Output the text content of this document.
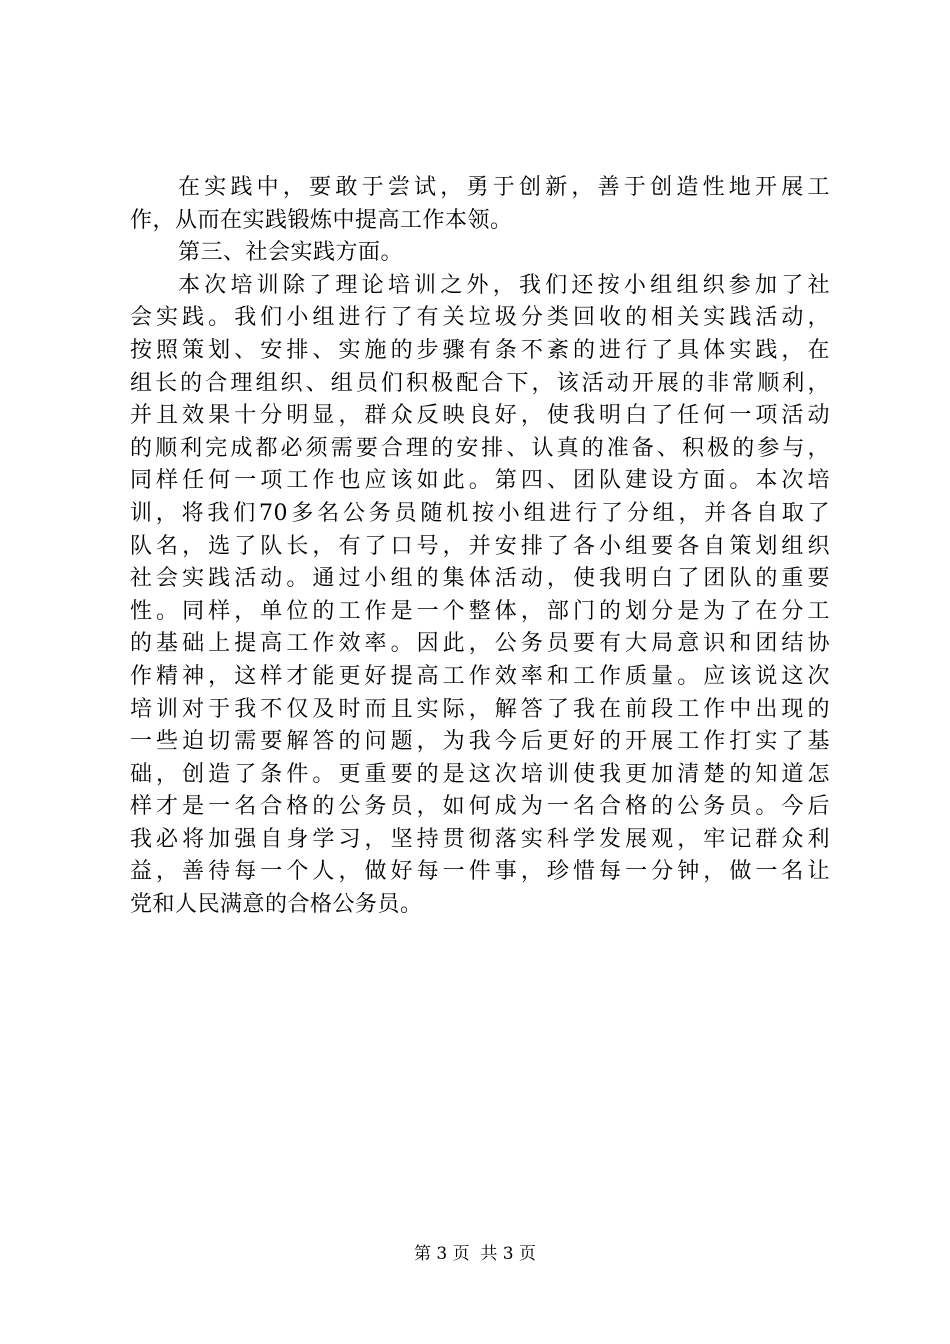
在实践中，要敢于尝试，勇于创新，善于创造性地开展工
作，从而在实践锻炼中提高工作本领。
第三、社会实践方面。
本次培训除了理论培训之外，我们还按小组组织参加了社
会实践。我们小组进行了有关垃圾分类回收的相关实践活动，
按照策划、安排、实施的步骤有条不紊的进行了具体实践，在
组长的合理组织、组员们积极配合下，该活动开展的非常顺利，
并且效果十分明显，群众反映良好，使我明白了任何一项活动
的顺利完成都必须需要合理的安排、认真的准备、积极的参与，
同样任何一项工作也应该如此。第四、团队建设方面。本次培
训，将我们70多名公务员随机按小组进行了分组，并各自取了
队名，选了队长，有了口号，并安排了各小组要各自策划组织
社会实践活动。通过小组的集体活动，使我明白了团队的重要
性。同样，单位的工作是一个整体，部门的划分是为了在分工
的基础上提高工作效率。因此，公务员要有大局意识和团结协
作精神，这样才能更好提高工作效率和工作质量。应该说这次
培训对于我不仅及时而且实际，解答了我在前段工作中出现的
一些迫切需要解答的问题，为我今后更好的开展工作打实了基
础，创造了条件。更重要的是这次培训使我更加清楚的知道怎
样才是一名合格的公务员，如何成为一名合格的公务员。今后
我必将加强自身学习，坚持贯彻落实科学发展观，牢记群众利
益，善待每一个人，做好每一件事，珍惜每一分钟，做一名让
党和人民满意的合格公务员。
第 3 页  共 3 页
